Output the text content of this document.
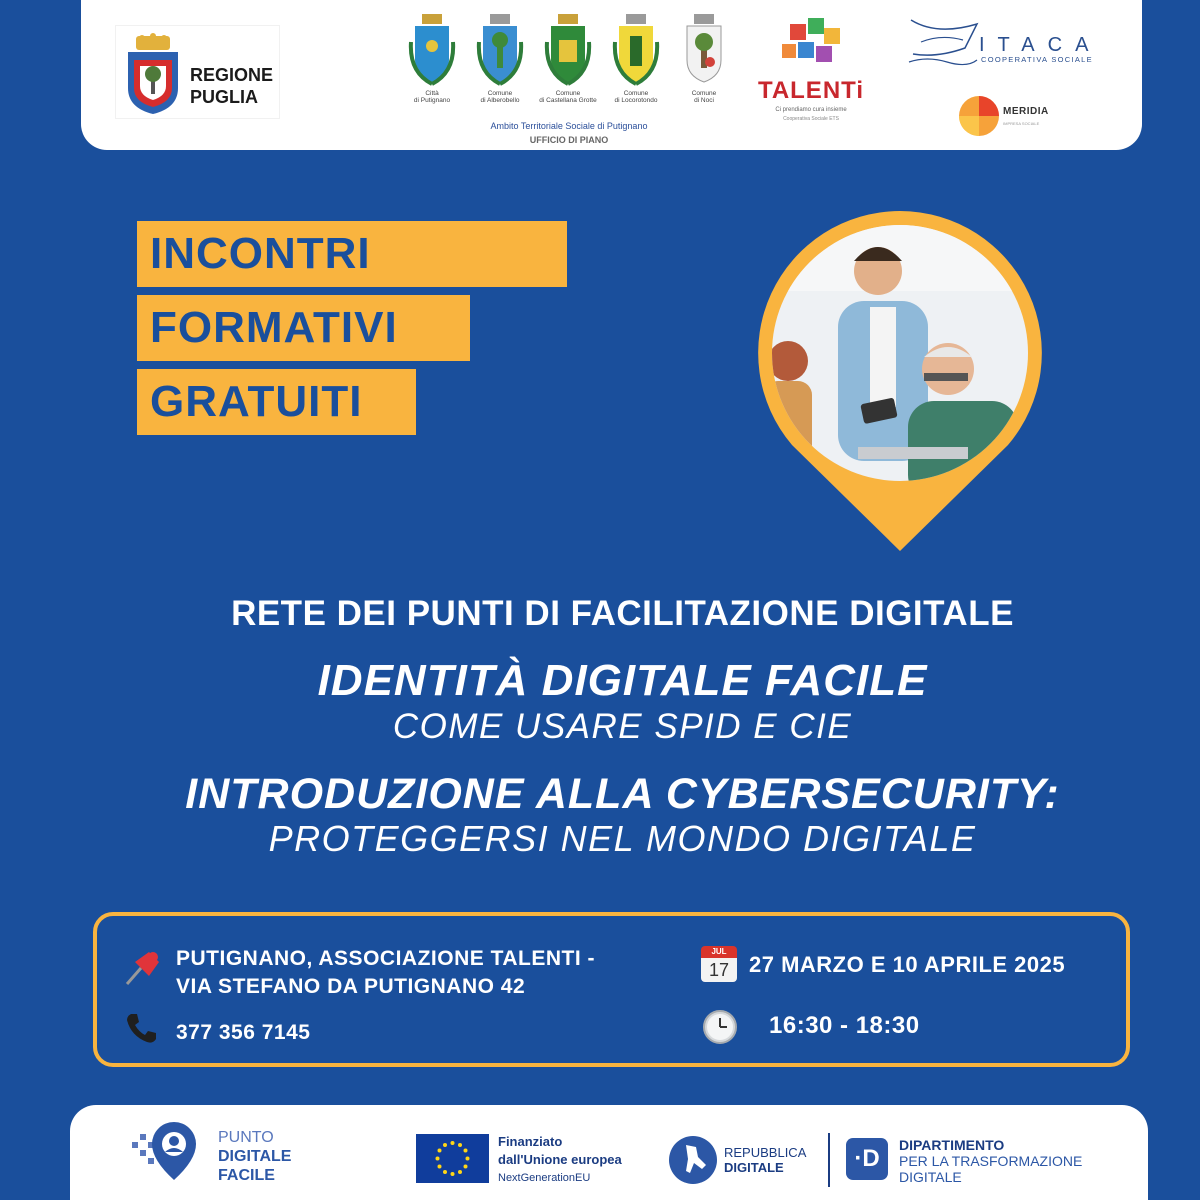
REGIONE
PUGLIA	Città
di Putignano
Comune
di Alberobello
Comune
di Castellana Grotte
Comune
di Locorotondo
Comune
di Noci
Ambito Territoriale Sociale di Putignano
UFFICIO DI PIANO
TALENTi
Ci prendiamo cura insieme
Cooperativa Sociale ETS
ITACA
COOPERATIVA SOCIALE
MERIDIA
IMPRESA SOCIALE
INCONTRI
FORMATIVI
GRATUITI
RETE DEI PUNTI DI FACILITAZIONE DIGITALE
IDENTITÀ DIGITALE FACILE
COME USARE SPID E CIE
INTRODUZIONE ALLA CYBERSECURITY:
PROTEGGERSI NEL MONDO DIGITALE
PUTIGNANO, ASSOCIAZIONE TALENTI -
VIA STEFANO DA PUTIGNANO 42
377 356 7145
JUL
17 27 MARZO E 10 APRILE 2025
16:30 - 18:30
PUNTO
DIGITALE
FACILE
Finanziato
dall'Unione europea
NextGenerationEU
REPUBBLICA
DIGITALE	·D	DIPARTIMENTO
PER LA TRASFORMAZIONE
DIGITALE
